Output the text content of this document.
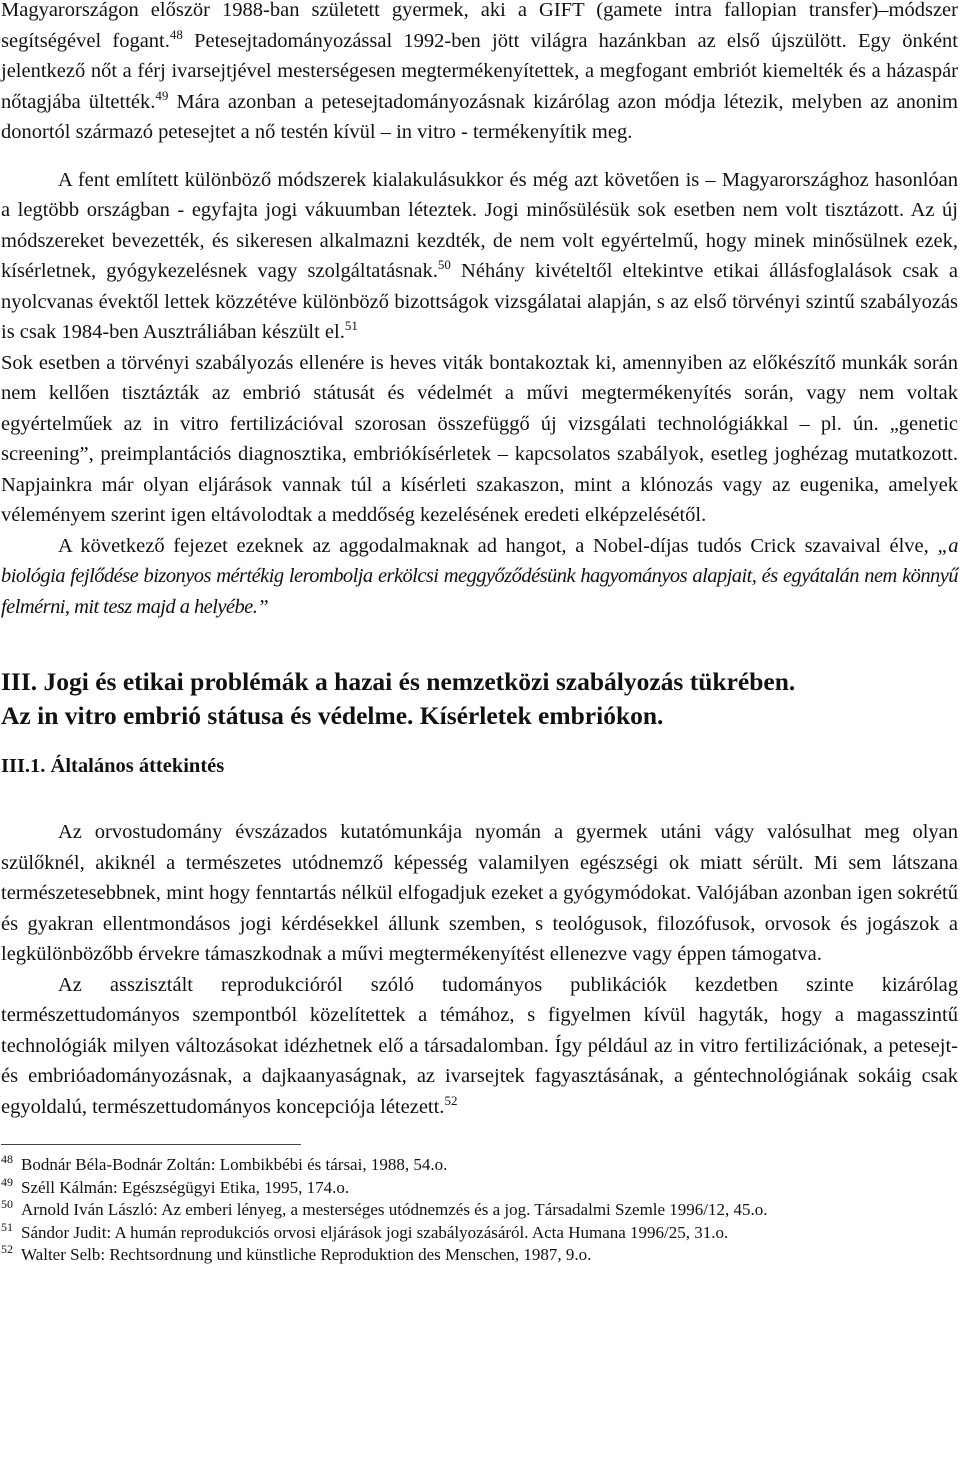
Magyarországon először 1988-ban született gyermek, aki a GIFT (gamete intra fallopian transfer)–módszer segítségével fogant.$^{48}$ Petesejtadományozással 1992-ben jött világra hazánkban az első újszülött. Egy önként jelentkező nőt a férj ivarsejtjével mesterségesen megtermékenyítettek, a megfogant embriót kiemelték és a házaspár nőtagjába ültették.$^{49}$ Mára azonban a petesejtadományozásnak kizárólag azon módja létezik, melyben az anonim donortól származó petesejtet a nő testén kívül – in vitro - termékenyítik meg.

A fent említett különböző módszerek kialakulásukkor és még azt követően is – Magyarországhoz hasonlóan a legtöbb országban - egyfajta jogi vákuumban léteztek. Jogi minősülésük sok esetben nem volt tisztázott. Az új módszereket bevezették, és sikeresen alkalmazni kezdték, de nem volt egyértelmű, hogy minek minősülnek ezek, kísérletnek, gyógykezelésnek vagy szolgáltatásnak.$^{50}$ Néhány kivételtől eltekintve etikai állásfoglalások csak a nyolcvanas évektől lettek közzétéve különböző bizottságok vizsgálatai alapján, s az első törvényi szintű szabályozás is csak 1984-ben Ausztráliában készült el.$^{51}$

Sok esetben a törvényi szabályozás ellenére is heves viták bontakoztak ki, amennyiben az előkészítő munkák során nem kellően tisztázták az embrió státusát és védelmét a művi megtermékenyítés során, vagy nem voltak egyértelműek az in vitro fertilizációval szorosan összefüggő új vizsgálati technológiákkal – pl. ún. „genetic screening”, preimplantációs diagnosztika, embriókísérletek – kapcsolatos szabályok, esetleg joghézag mutatkozott. Napjainkra már olyan eljárások vannak túl a kísérleti szakaszon, mint a klónozás vagy az eugenika, amelyek véleményem szerint igen eltávolodtak a meddőség kezelésének eredeti elképzelésétől.

A következő fejezet ezeknek az aggodalmaknak ad hangot, a Nobel-díjas tudós Crick szavaival élve, „a biológia fejlődése bizonyos mértékig lerombolja erkölcsi meggyőződésünk hagyományos alapjait, és egyátalán nem könnyű felmérni, mit tesz majd a helyébe.”

III. Jogi és etikai problémák a hazai és nemzetközi szabályozás tükrében.
Az in vitro embrió státusa és védelme. Kísérletek embriókon.
III.1. Általános áttekintés

Az orvostudomány évszázados kutatómunkája nyomán a gyermek utáni vágy valósulhat meg olyan szülőknél, akiknél a természetes utódnemző képesség valamilyen egészségi ok miatt sérült. Mi sem látszana természetesebbnek, mint hogy fenntartás nélkül elfogadjuk ezeket a gyógymódokat. Valójában azonban igen sokrétű és gyakran ellentmondásos jogi kérdésekkel állunk szemben, s teológusok, filozófusok, orvosok és jogászok a legkülönbözőbb érvekre támaszkodnak a művi megtermékenyítést ellenezve vagy éppen támogatva.

Az asszisztált reprodukcióról szóló tudományos publikációk kezdetben szinte kizárólag természettudományos szempontból közelítettek a témához, s figyelmen kívül hagyták, hogy a magasszintű technológiák milyen változásokat idézhetnek elő a társadalomban. Így például az in vitro fertilizációnak, a petesejt- és embrióadományozásnak, a dajkaanyaságnak, az ivarsejtek fagyasztásának, a géntechnológiának sokáig csak egyoldalú, természettudományos koncepciója létezett.$^{52}$

48 Bodnár Béla-Bodnár Zoltán: Lombikbébi és társai, 1988, 54.o.
49 Széll Kálmán: Egészségügyi Etika, 1995, 174.o.
50 Arnold Iván László: Az emberi lényeg, a mesterséges utódnemzés és a jog. Társadalmi Szemle 1996/12, 45.o.
51 Sándor Judit: A humán reprodukciós orvosi eljárások jogi szabályozásáról. Acta Humana 1996/25, 31.o.
52 Walter Selb: Rechtsordnung und künstliche Reproduktion des Menschen, 1987, 9.o.
